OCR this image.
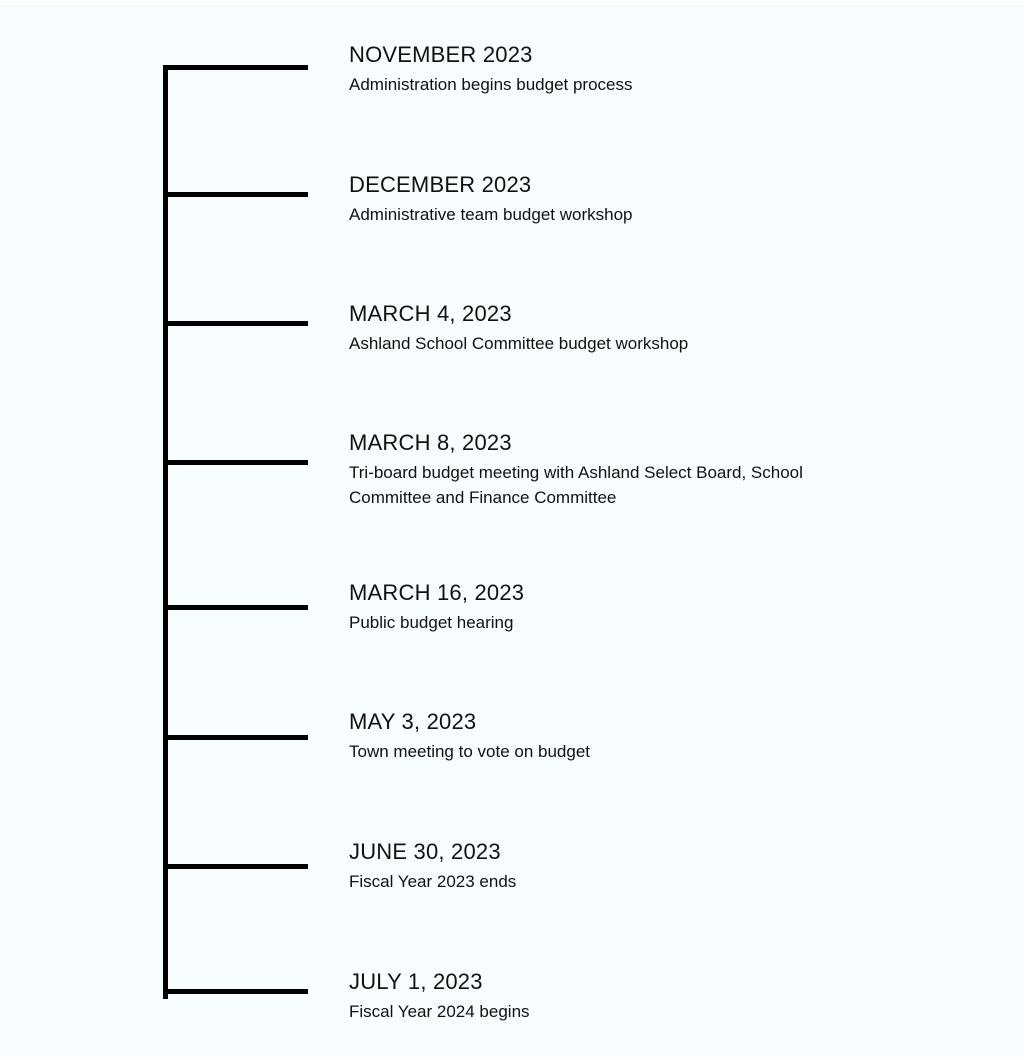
NOVEMBER 2023
Administration begins budget process
DECEMBER 2023
Administrative team budget workshop
MARCH 4, 2023
Ashland School Committee budget workshop
MARCH 8, 2023
Tri-board budget meeting with Ashland Select Board, School Committee and Finance Committee
MARCH 16, 2023
Public budget hearing
MAY 3, 2023
Town meeting to vote on budget
JUNE 30, 2023
Fiscal Year 2023 ends
JULY 1, 2023
Fiscal Year 2024 begins
